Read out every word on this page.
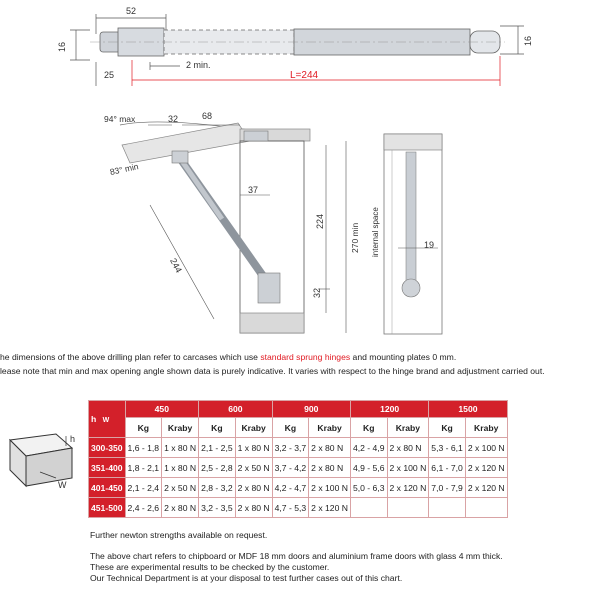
52
16
16
2 min.
25	L=244
94° max
83° min
32	68
37
224
270 min internal space
32
244
19
he dimensions of the above drilling plan refer to carcases which use standard sprung hinges and mounting plates 0 mm.
lease note that min and max opening angle shown data is purely indicative. It varies with respect to the hinge brand and adjustment carried out.
h
W
h W	450		600		900		1200		1500	
	Kg	Kraby	Kg	Kraby	Kg	Kraby	Kg	Kraby	Kg	Kraby
300-350	1,6 - 1,8	1 x 80 N	2,1 - 2,5	1 x 80 N	3,2 - 3,7	2 x 80 N	4,2 - 4,9	2 x 80 N	5,3 - 6,1	2 x 100 N
351-400	1,8 - 2,1	1 x 80 N	2,5 - 2,8	2 x 50 N	3,7 - 4,2	2 x 80 N	4,9 - 5,6	2 x 100 N	6,1 - 7,0	2 x 120 N
401-450	2,1 - 2,4	2 x 50 N	2,8 - 3,2	2 x 80 N	4,2 - 4,7	2 x 100 N	5,0 - 6,3	2 x 120 N	7,0 - 7,9	2 x 120 N
451-500	2,4 - 2,6	2 x 80 N	3,2 - 3,5	2 x 80 N	4,7 - 5,3	2 x 120 N				
Further newton strengths available on request.
The above chart refers to chipboard or MDF 18 mm doors and aluminium frame doors with glass 4 mm thick.
These are experimental results to be checked by the customer.
Our Technical Department is at your disposal to test further cases out of this chart.
